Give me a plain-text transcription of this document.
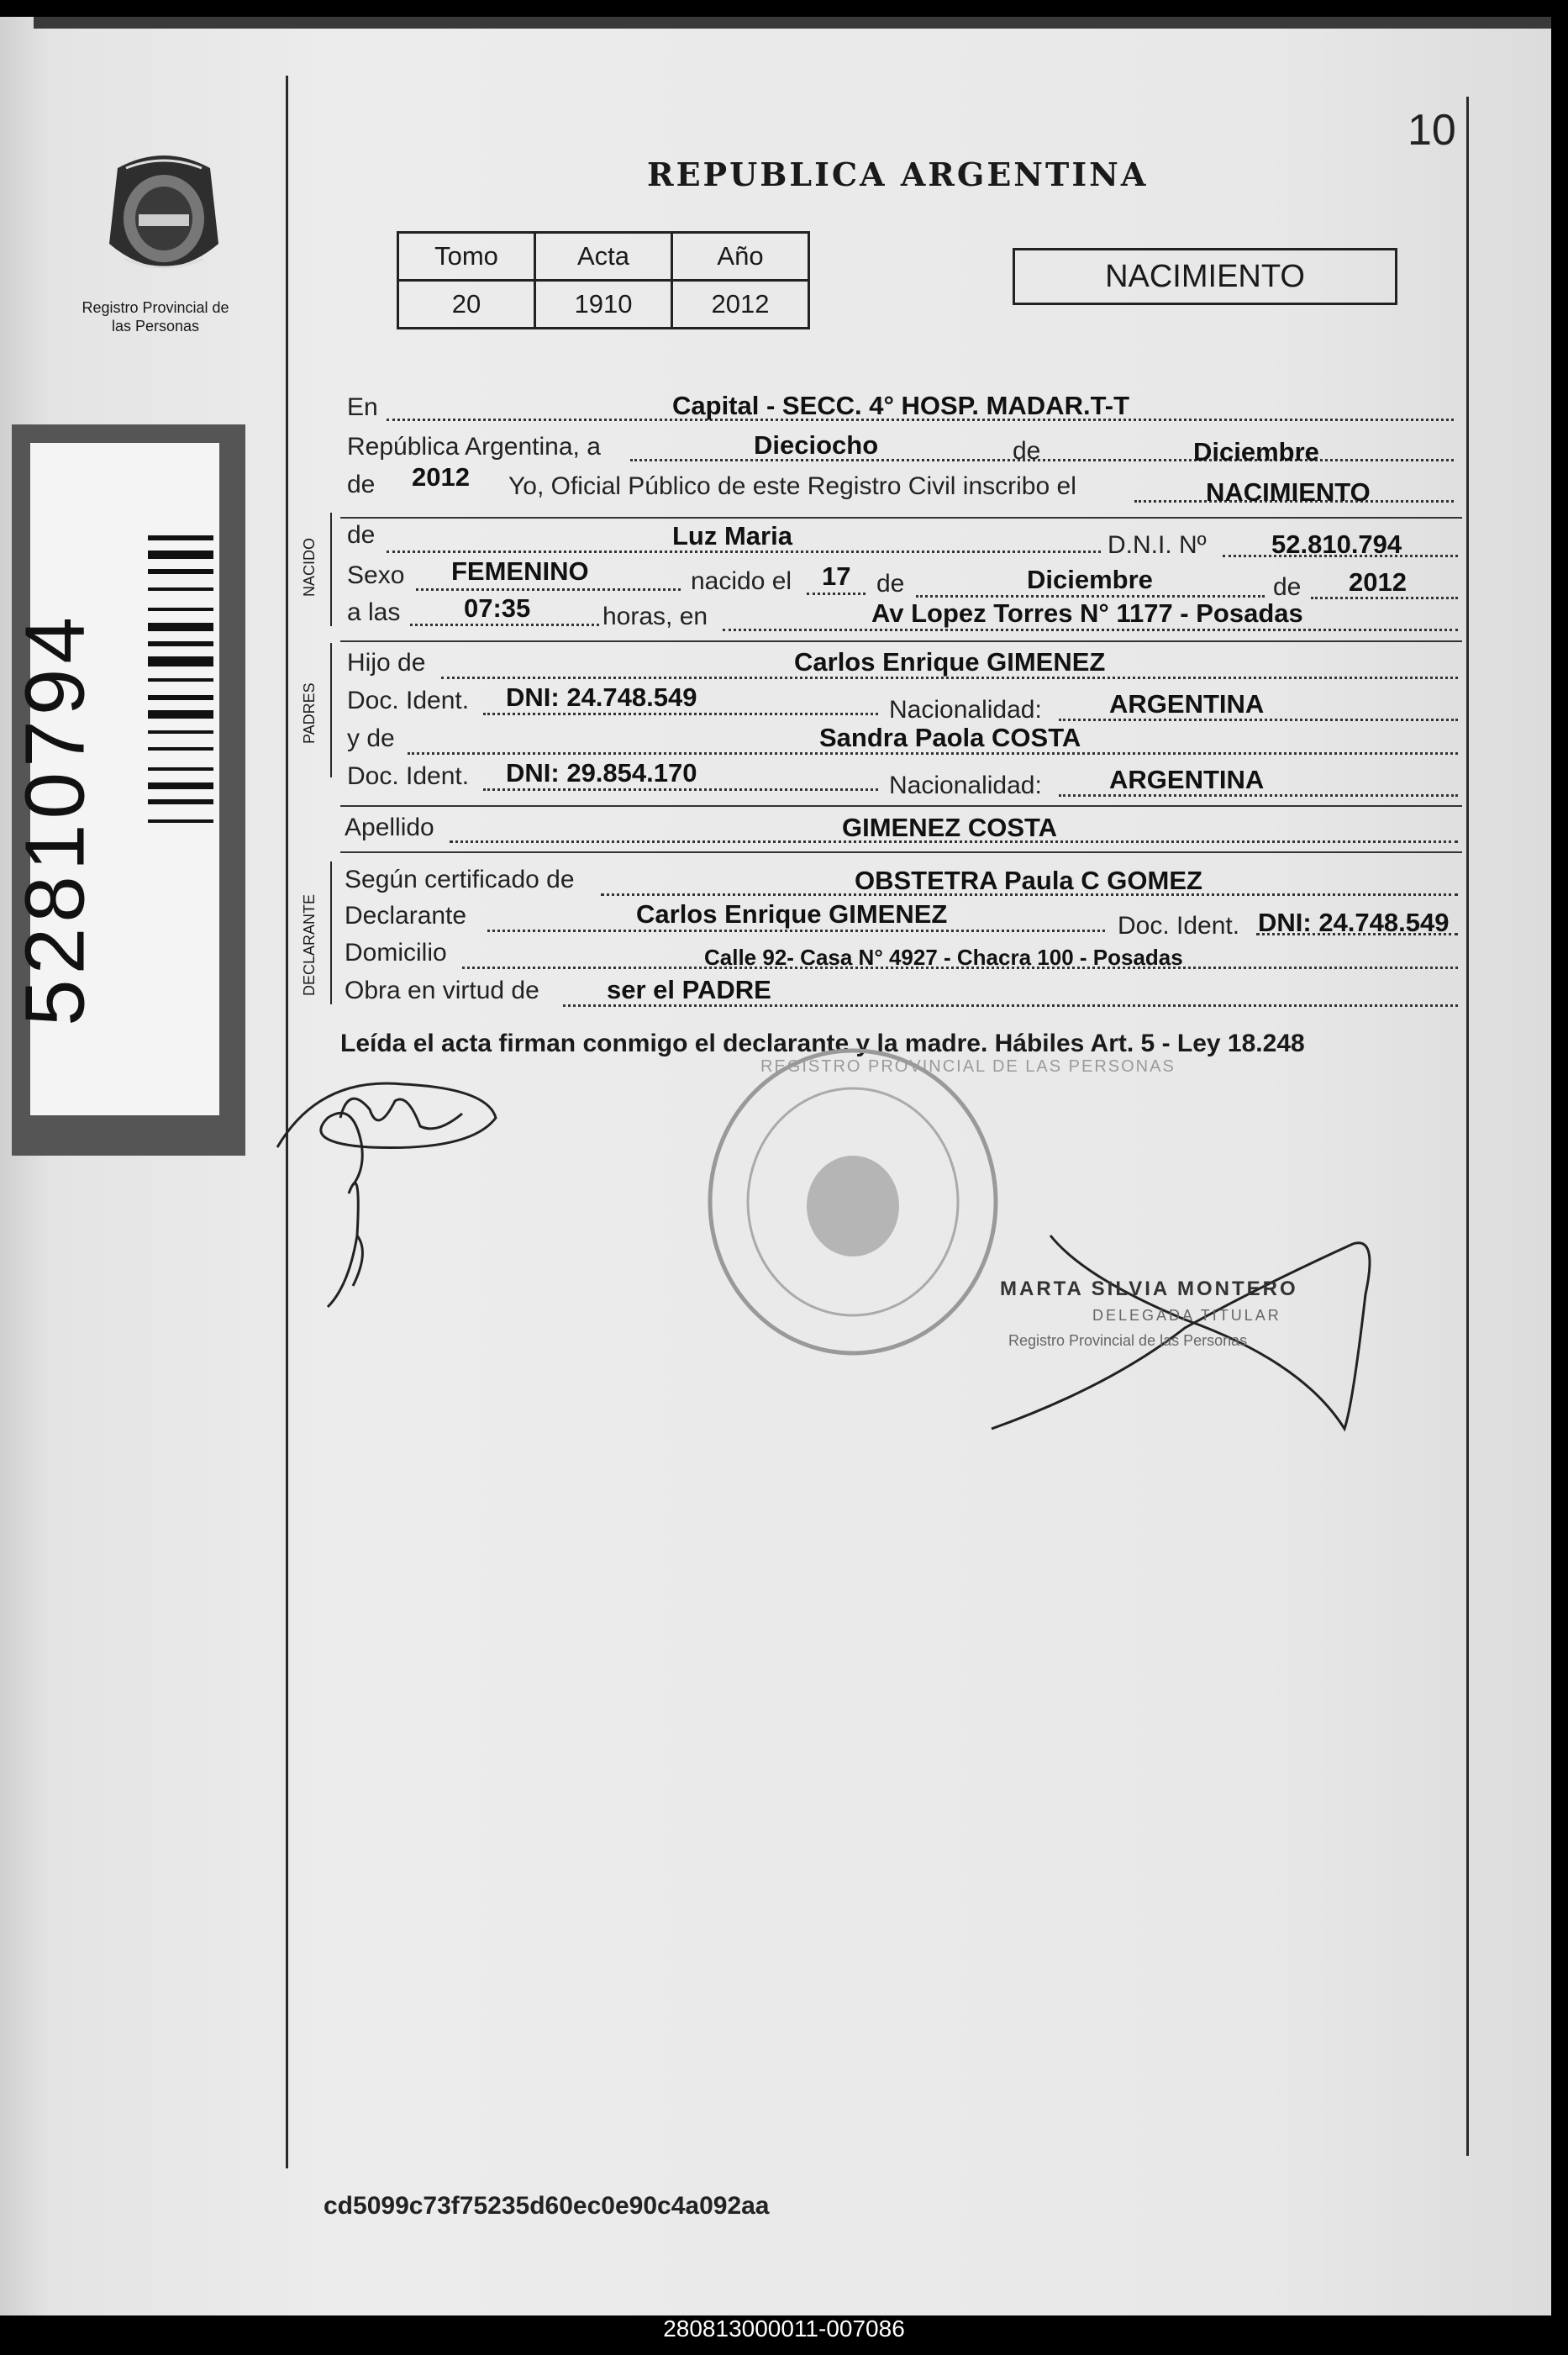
10
Registro Provincial de las Personas
52810794
REPUBLICA ARGENTINA
Tomo	Acta	Año
20	1910	2012
NACIMIENTO
NACIDO
PADRES
DECLARANTE
En	Capital - SECC. 4° HOSP. MADAR.T-T
República Argentina, a	Dieciocho	de	Diciembre
de 2012 Yo, Oficial Público de este Registro Civil inscribo el	NACIMIENTO
de	Luz Maria	D.N.I. Nº 52.810.794
Sexo FEMENINO	nacido el 17 de	Diciembre	de 2012
a las 07:35	horas, en	Av Lopez Torres N° 1177 - Posadas
Hijo de	Carlos Enrique GIMENEZ
Doc. Ident. DNI: 24.748.549	Nacionalidad:	ARGENTINA
y de	Sandra Paola COSTA
Doc. Ident. DNI: 29.854.170	Nacionalidad:	ARGENTINA
Apellido	GIMENEZ COSTA
Según certificado de	OBSTETRA Paula C GOMEZ
Declarante	Carlos Enrique GIMENEZ	Doc. Ident. DNI: 24.748.549
Domicilio	Calle 92- Casa N° 4927 - Chacra 100 - Posadas
Obra en virtud de	ser el PADRE
Leída el acta firman conmigo el declarante y la madre. Hábiles Art. 5 - Ley 18.248
REGISTRO PROVINCIAL DE LAS PERSONAS
MARTA SILVIA MONTERO
DELEGADA TITULAR
Registro Provincial de las Personas
cd5099c73f75235d60ec0e90c4a092aa
280813000011-007086
